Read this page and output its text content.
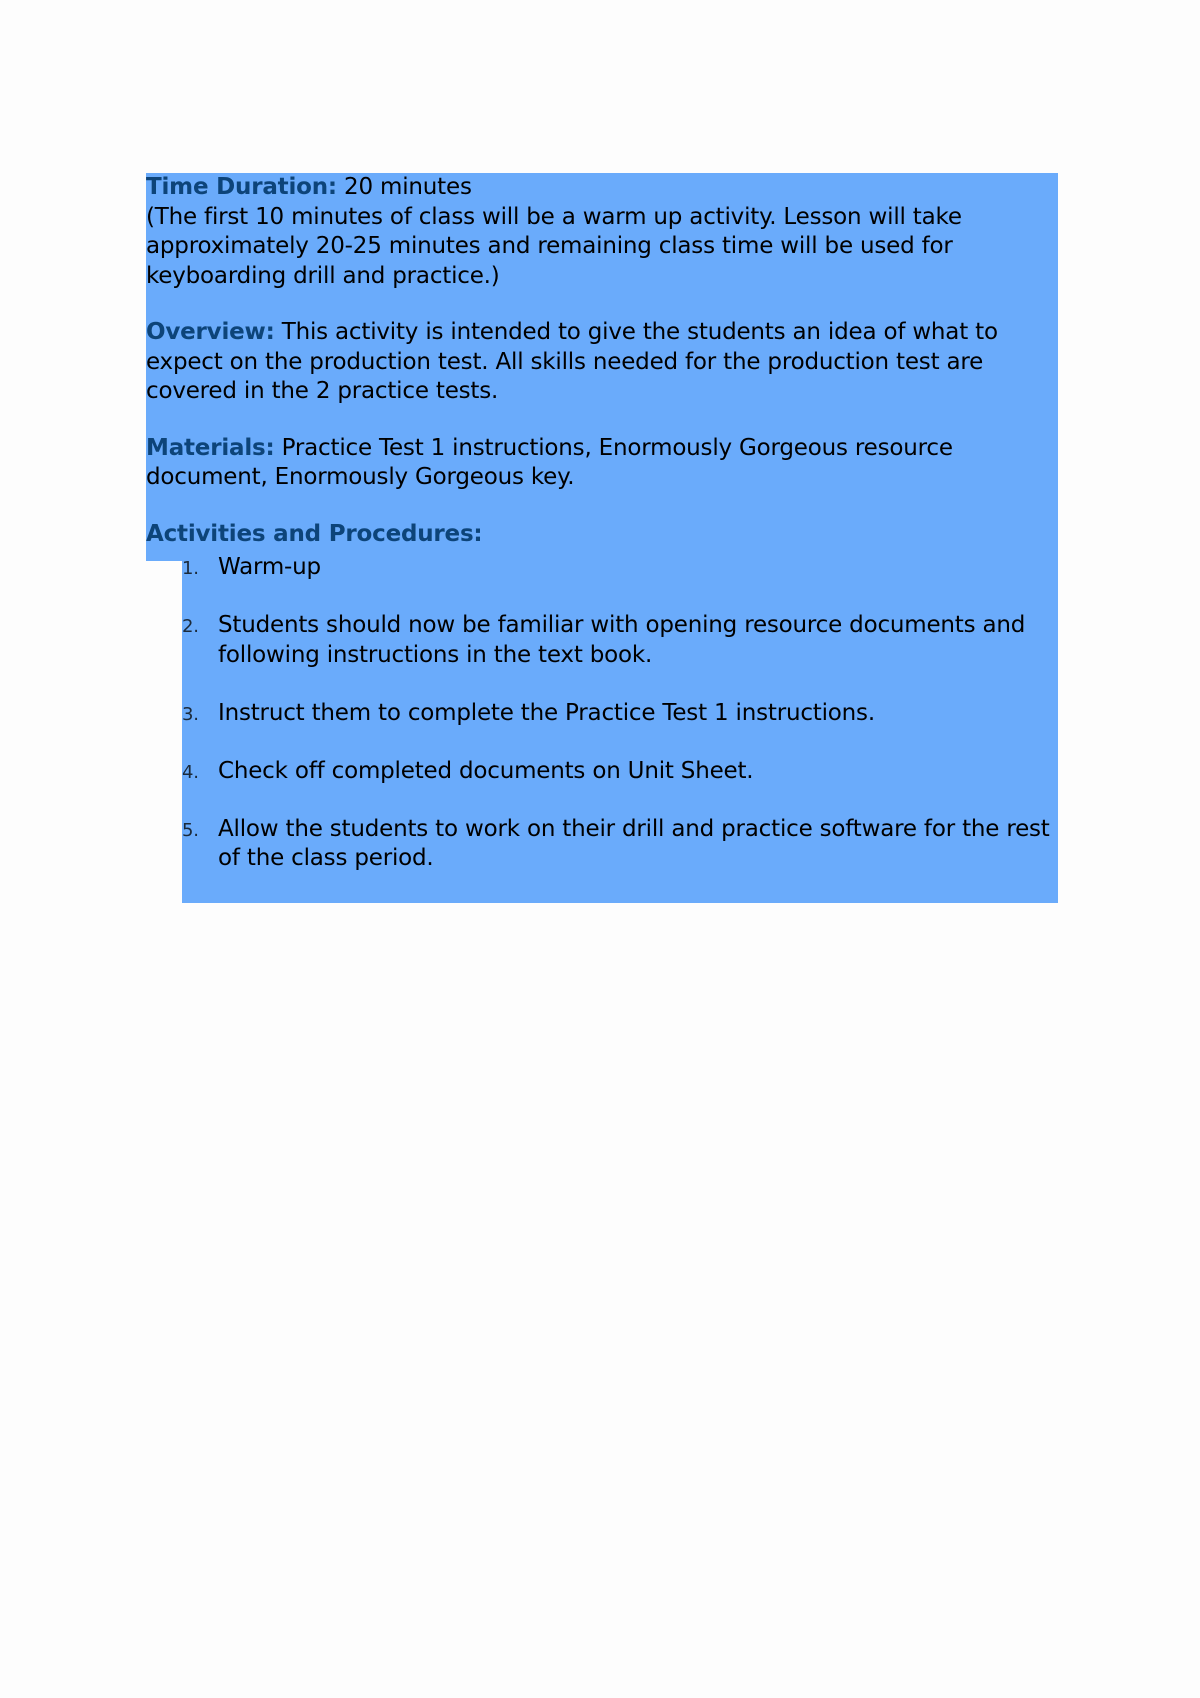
Time Duration: 20 minutes
(The first 10 minutes of class will be a warm up activity. Lesson will take approximately 20-25 minutes and remaining class time will be used for keyboarding drill and practice.)

Overview: This activity is intended to give the students an idea of what to expect on the production test. All skills needed for the production test are covered in the 2 practice tests.

Materials: Practice Test 1 instructions, Enormously Gorgeous resource document, Enormously Gorgeous key.

Activities and Procedures:

1. Warm-up
2. Students should now be familiar with opening resource documents and following instructions in the text book.
3. Instruct them to complete the Practice Test 1 instructions.
4. Check off completed documents on Unit Sheet.
5. Allow the students to work on their drill and practice software for the rest of the class period.
